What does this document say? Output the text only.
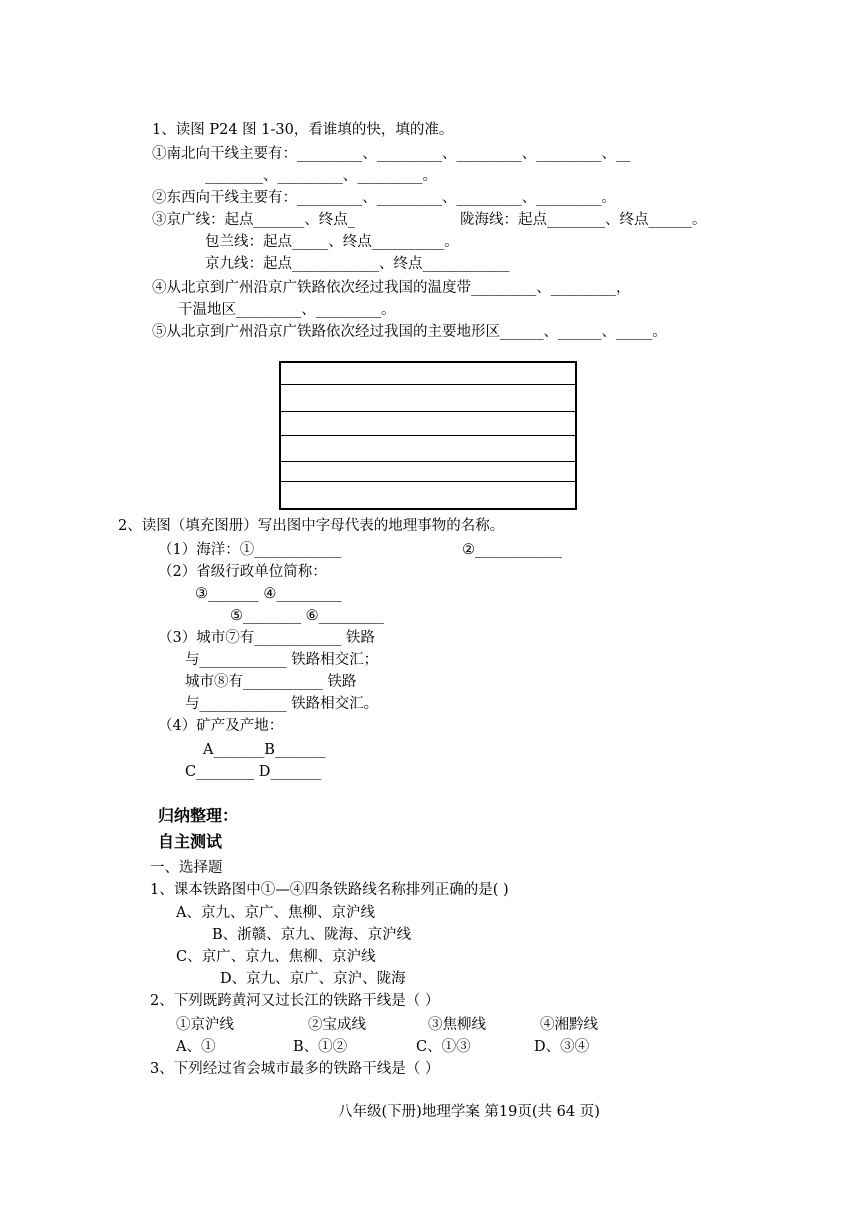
1、读图 P24 图 1-30，看谁填的快，填的准。
①南北向干线主要有：_________、_________、_________、_________、__
________、_________、_________。
②东西向干线主要有：_________、_________、_________、_________。
③京广线：起点_______、终点_	陇海线：起点________、终点______。
包兰线：起点_____、终点__________。
京九线：起点____________、终点____________
④从北京到广州沿京广铁路依次经过我国的温度带_________、_________，
干温地区_________、_________。
⑤从北京到广州沿京广铁路依次经过我国的主要地形区______、______、_____。
2、读图（填充图册）写出图中字母代表的地理事物的名称。
（1）海洋：①____________	②____________
（2）省级行政单位简称：
③_______ ④_________
⑤________ ⑥_________
（3）城市⑦有____________ 铁路
与____________ 铁路相交汇；
城市⑧有___________ 铁路
与____________ 铁路相交汇。
（4）矿产及产地：
A_______B_______
C________ D_______
归纳整理：
自主测试
一、选择题
1、课本铁路图中①—④四条铁路线名称排列正确的是( )
A、京九、京广、焦柳、京沪线
B、浙赣、京九、陇海、京沪线
C、京广、京九、焦柳、京沪线
D、京九、京广、京沪、陇海
2、下列既跨黄河又过长江的铁路干线是（ ）
①京沪线	②宝成线	③焦柳线	④湘黔线
A、①	B、①②	C、①③	D、③④
3、下列经过省会城市最多的铁路干线是（ ）
八年级(下册)地理学案 第19页(共 64 页)
